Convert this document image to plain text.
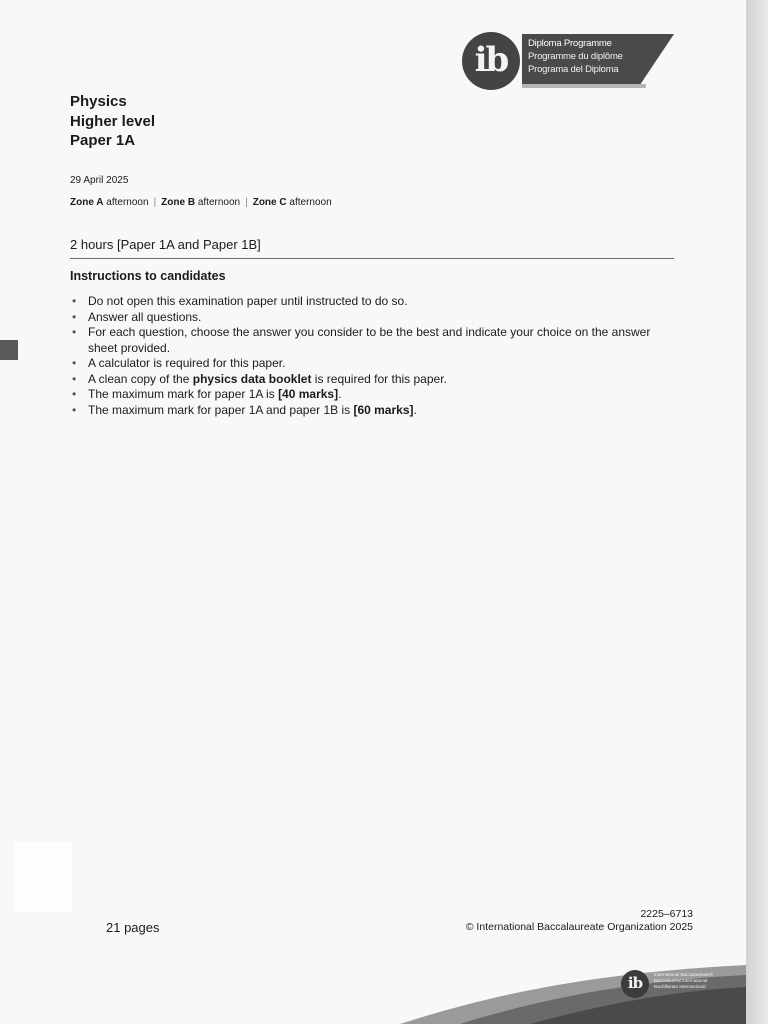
ib	Diploma Programme
Programme du diplôme
Programa del Diploma
Physics
Higher level
Paper 1A
29 April 2025
Zone A afternoon | Zone B afternoon | Zone C afternoon
2 hours [Paper 1A and Paper 1B]
Instructions to candidates
• Do not open this examination paper until instructed to do so.
• Answer all questions.
• For each question, choose the answer you consider to be the best and indicate your choice on the answer sheet provided.
• A calculator is required for this paper.
• A clean copy of the physics data booklet is required for this paper.
• The maximum mark for paper 1A is [40 marks].
• The maximum mark for paper 1A and paper 1B is [60 marks].
21 pages
2225–6713
© International Baccalaureate Organization 2025
ib	International Baccalaureate®
Baccalauréat International
Bachillerato Internacional
